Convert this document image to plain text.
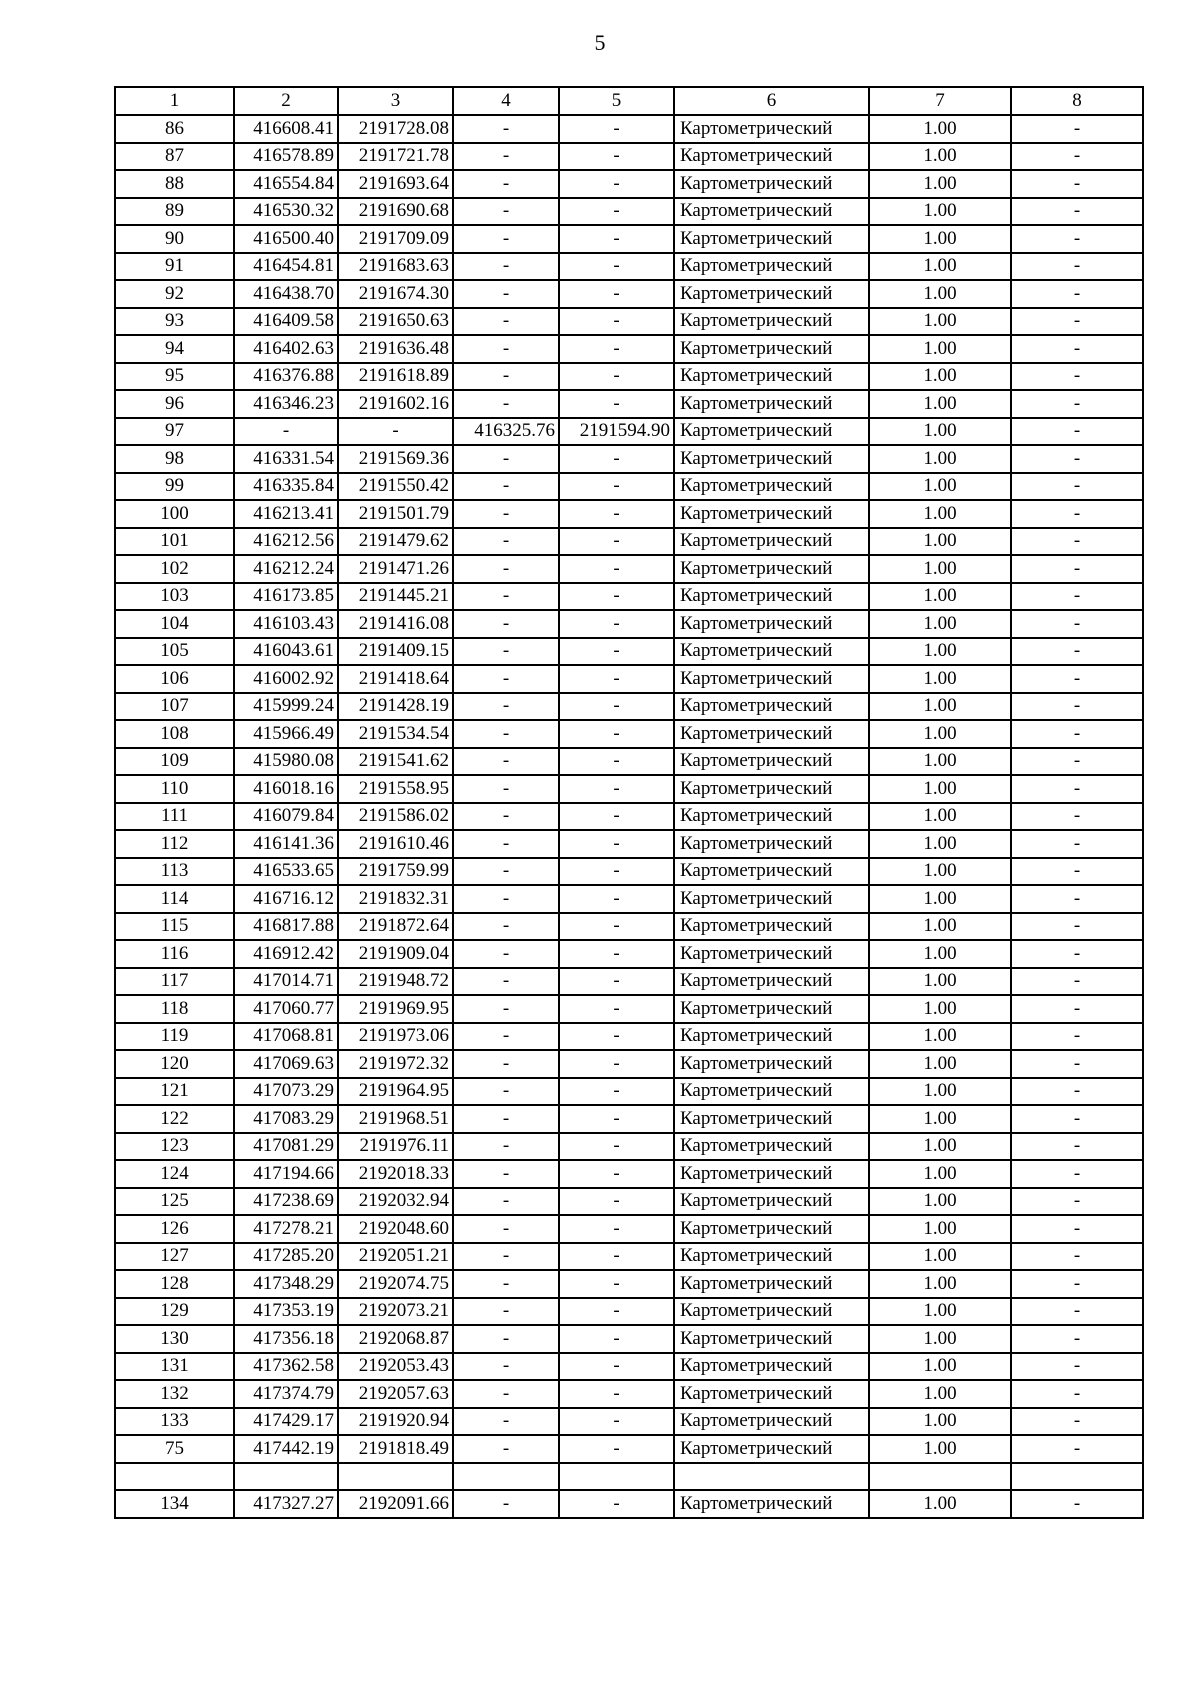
5
1	2	3	4	5	6	7	8
86	416608.41	2191728.08	-	-	Картометрический	1.00	-
87	416578.89	2191721.78	-	-	Картометрический	1.00	-
88	416554.84	2191693.64	-	-	Картометрический	1.00	-
89	416530.32	2191690.68	-	-	Картометрический	1.00	-
90	416500.40	2191709.09	-	-	Картометрический	1.00	-
91	416454.81	2191683.63	-	-	Картометрический	1.00	-
92	416438.70	2191674.30	-	-	Картометрический	1.00	-
93	416409.58	2191650.63	-	-	Картометрический	1.00	-
94	416402.63	2191636.48	-	-	Картометрический	1.00	-
95	416376.88	2191618.89	-	-	Картометрический	1.00	-
96	416346.23	2191602.16	-	-	Картометрический	1.00	-
97	-	-	416325.76	2191594.90	Картометрический	1.00	-
98	416331.54	2191569.36	-	-	Картометрический	1.00	-
99	416335.84	2191550.42	-	-	Картометрический	1.00	-
100	416213.41	2191501.79	-	-	Картометрический	1.00	-
101	416212.56	2191479.62	-	-	Картометрический	1.00	-
102	416212.24	2191471.26	-	-	Картометрический	1.00	-
103	416173.85	2191445.21	-	-	Картометрический	1.00	-
104	416103.43	2191416.08	-	-	Картометрический	1.00	-
105	416043.61	2191409.15	-	-	Картометрический	1.00	-
106	416002.92	2191418.64	-	-	Картометрический	1.00	-
107	415999.24	2191428.19	-	-	Картометрический	1.00	-
108	415966.49	2191534.54	-	-	Картометрический	1.00	-
109	415980.08	2191541.62	-	-	Картометрический	1.00	-
110	416018.16	2191558.95	-	-	Картометрический	1.00	-
111	416079.84	2191586.02	-	-	Картометрический	1.00	-
112	416141.36	2191610.46	-	-	Картометрический	1.00	-
113	416533.65	2191759.99	-	-	Картометрический	1.00	-
114	416716.12	2191832.31	-	-	Картометрический	1.00	-
115	416817.88	2191872.64	-	-	Картометрический	1.00	-
116	416912.42	2191909.04	-	-	Картометрический	1.00	-
117	417014.71	2191948.72	-	-	Картометрический	1.00	-
118	417060.77	2191969.95	-	-	Картометрический	1.00	-
119	417068.81	2191973.06	-	-	Картометрический	1.00	-
120	417069.63	2191972.32	-	-	Картометрический	1.00	-
121	417073.29	2191964.95	-	-	Картометрический	1.00	-
122	417083.29	2191968.51	-	-	Картометрический	1.00	-
123	417081.29	2191976.11	-	-	Картометрический	1.00	-
124	417194.66	2192018.33	-	-	Картометрический	1.00	-
125	417238.69	2192032.94	-	-	Картометрический	1.00	-
126	417278.21	2192048.60	-	-	Картометрический	1.00	-
127	417285.20	2192051.21	-	-	Картометрический	1.00	-
128	417348.29	2192074.75	-	-	Картометрический	1.00	-
129	417353.19	2192073.21	-	-	Картометрический	1.00	-
130	417356.18	2192068.87	-	-	Картометрический	1.00	-
131	417362.58	2192053.43	-	-	Картометрический	1.00	-
132	417374.79	2192057.63	-	-	Картометрический	1.00	-
133	417429.17	2191920.94	-	-	Картометрический	1.00	-
75	417442.19	2191818.49	-	-	Картометрический	1.00	-

134	417327.27	2192091.66	-	-	Картометрический	1.00	-
